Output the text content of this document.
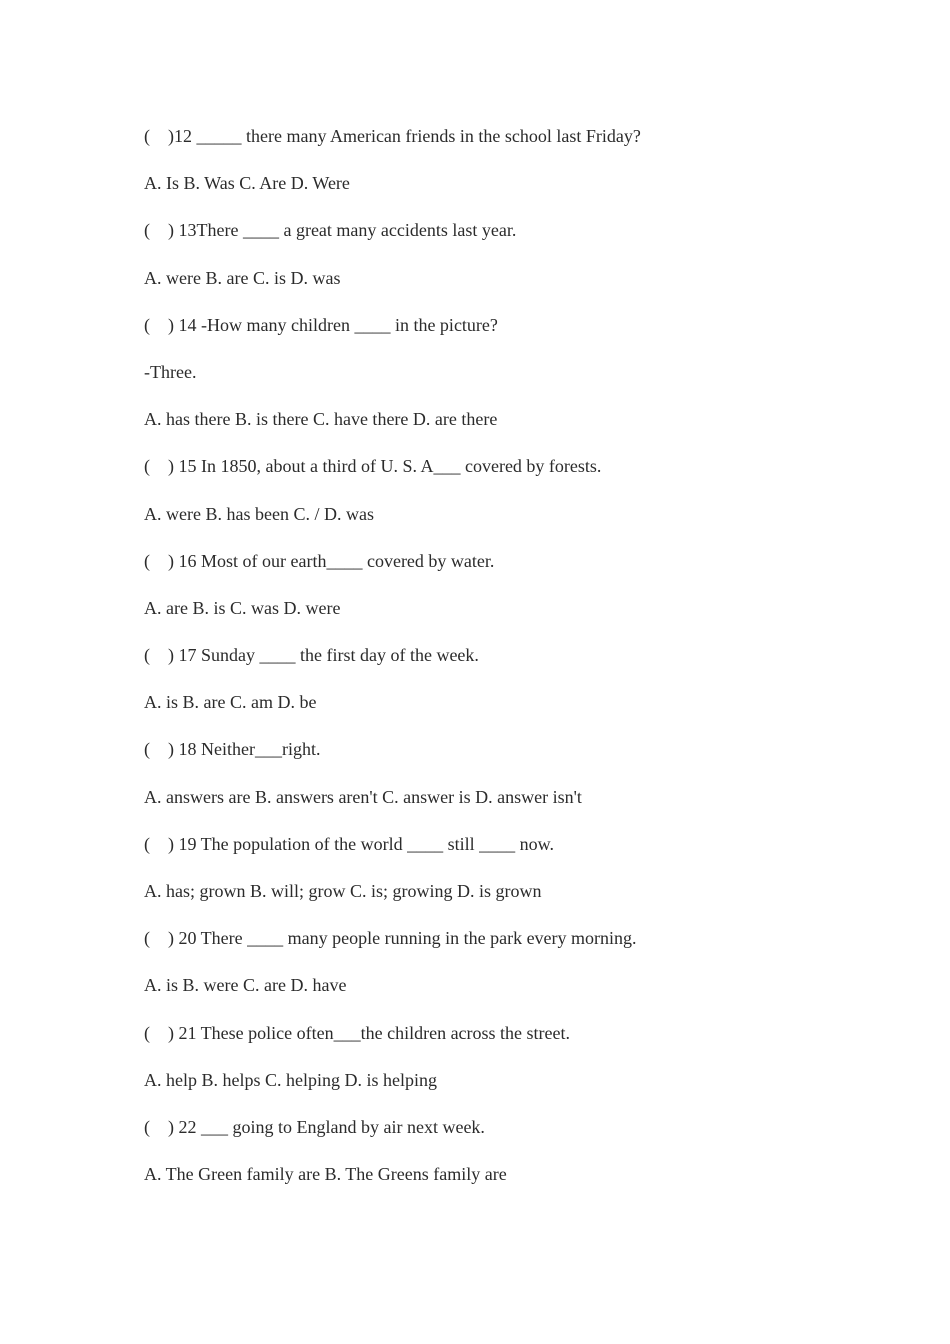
(    )12 _____ there many American friends in the school last Friday?
A. Is B. Was C. Are D. Were
(    ) 13There ____ a great many accidents last year.
A. were B. are C. is D. was
(    ) 14 -How many children ____ in the picture?
-Three.
A. has there B. is there C. have there D. are there
(    ) 15 In 1850, about a third of U. S. A___ covered by forests.
A. were B. has been C. / D. was
(    ) 16 Most of our earth____ covered by water.
A. are B. is C. was D. were
(    ) 17 Sunday ____ the first day of the week.
A. is B. are C. am D. be
(    ) 18 Neither___right.
A. answers are B. answers aren't C. answer is D. answer isn't
(    ) 19 The population of the world ____ still ____ now.
A. has; grown B. will; grow C. is; growing D. is grown
(    ) 20 There ____ many people running in the park every morning.
A. is B. were C. are D. have
(    ) 21 These police often___the children across the street.
A. help B. helps C. helping D. is helping
(    ) 22 ___ going to England by air next week.
A. The Green family are B. The Greens family are
